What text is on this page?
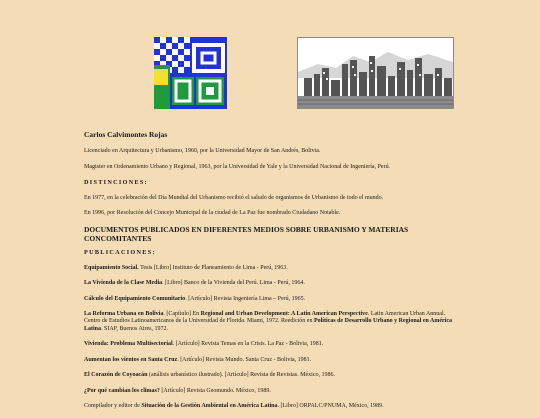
Carlos Calvimontes Rojas

Licenciado en Arquitectura y Urbanismo, 1960, por la Universidad Mayor de San Andrés, Bolivia.

Magister en Ordenamiento Urbano y Regional, 1963, por la Universidad de Yale y la Universidad Nacional de Ingeniería, Perú.

DISTINCIONES:

En 1977, en la celebración del Día Mundial del Urbanismo recibió el saludo de organismos de Urbanismo de todo el mundo.

En 1996, por Resolución del Concejo Municipal de la ciudad de La Paz fue nombrado Ciudadano Notable.

DOCUMENTOS PUBLICADOS EN DIFERENTES MEDIOS SOBRE URBANISMO Y MATERIAS CONCOMITANTES

PUBLICACIONES:

Equipamiento Social. Tesis [Libro] Instituto de Planeamiento de Lima - Perú, 1963.

La Vivienda de la Clase Media. [Libro] Banco de la Vivienda del Perú. Lima - Perú, 1964.

Cálculo del Equipamiento Comunitario. [Artículo] Revista Ingeniería Lima – Perú, 1965.

La Reforma Urbana en Bolivia. [Capítulo] En Regional and Urban Development: A Latin American Perspective. Latin American Urban Annual. Centro de Estudios Latinoamericanos de la Universidad de Florida. Miami, 1972. Reedición en Políticas de Desarrollo Urbano y Regional en América Latina. SIAP, Buenos Aires, 1972.

Vivienda: Problema Multisectorial. [Artículo] Revista Temas en la Crisis. La Paz - Bolivia, 1981.

Aumentan los vientos en Santa Cruz. [Artículo] Revista Mundo. Santa Cruz - Bolivia, 1981.

El Corazón de Coyoacán (análisis urbanístico ilustrado). [Artículo] Revista de Revistas. México, 1986.

¿Por qué cambian los climas? [Artículo] Revista Geomundo. México, 1989.

Compilador y editor de Situación de la Gestión Ambiental en América Latina. [Libro] ORPALC/PNUMA, México, 1989.
